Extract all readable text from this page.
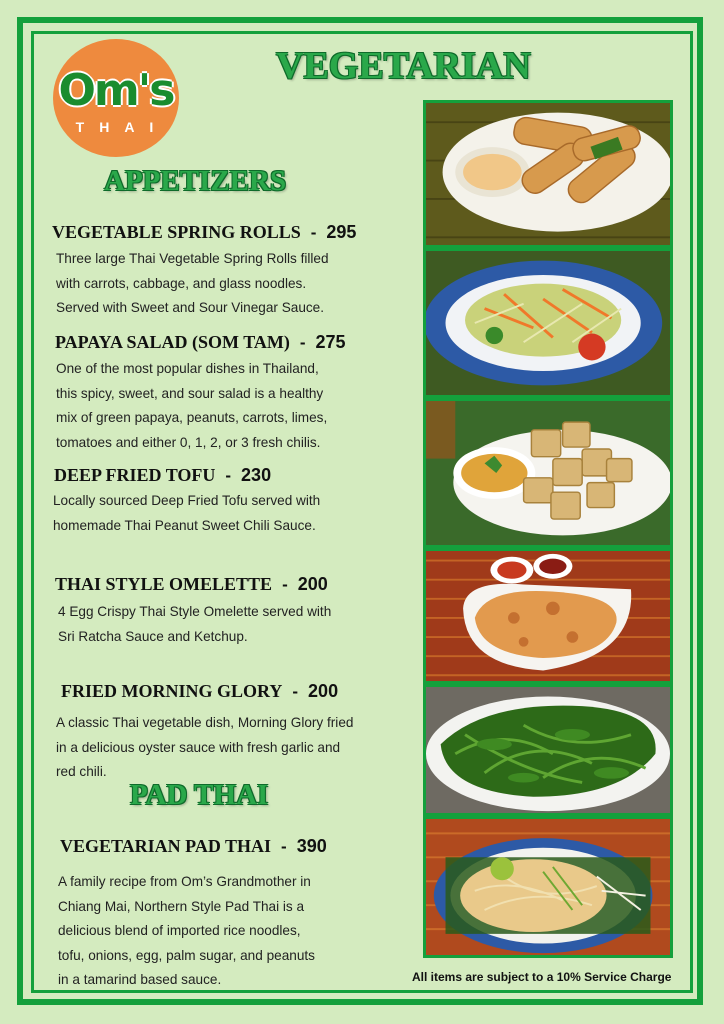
Om's
THAI
VEGETARIAN
APPETIZERS
PAD THAI
VEGETABLE SPRING ROLLS - 295
Three large Thai Vegetable Spring Rolls filled
with carrots, cabbage, and glass noodles.
Served with Sweet and Sour Vinegar Sauce.
PAPAYA SALAD (SOM TAM) - 275
One of the most popular dishes in Thailand,
this spicy, sweet, and sour salad is a healthy
mix of green papaya, peanuts, carrots, limes,
tomatoes and either 0, 1, 2, or 3 fresh chilis.
DEEP FRIED TOFU - 230
Locally sourced Deep Fried Tofu served with
homemade Thai Peanut Sweet Chili Sauce.
THAI STYLE OMELETTE - 200
4 Egg Crispy Thai Style Omelette served with
Sri Ratcha Sauce and Ketchup.
FRIED MORNING GLORY - 200
A classic Thai vegetable dish, Morning Glory fried
in a delicious oyster sauce with fresh garlic and
red chili.
VEGETARIAN PAD THAI - 390
A family recipe from Om’s Grandmother in
Chiang Mai, Northern Style Pad Thai is a
delicious blend of imported rice noodles,
tofu, onions, egg, palm sugar, and peanuts
in a tamarind based sauce.	All items are subject to a 10% Service Charge
